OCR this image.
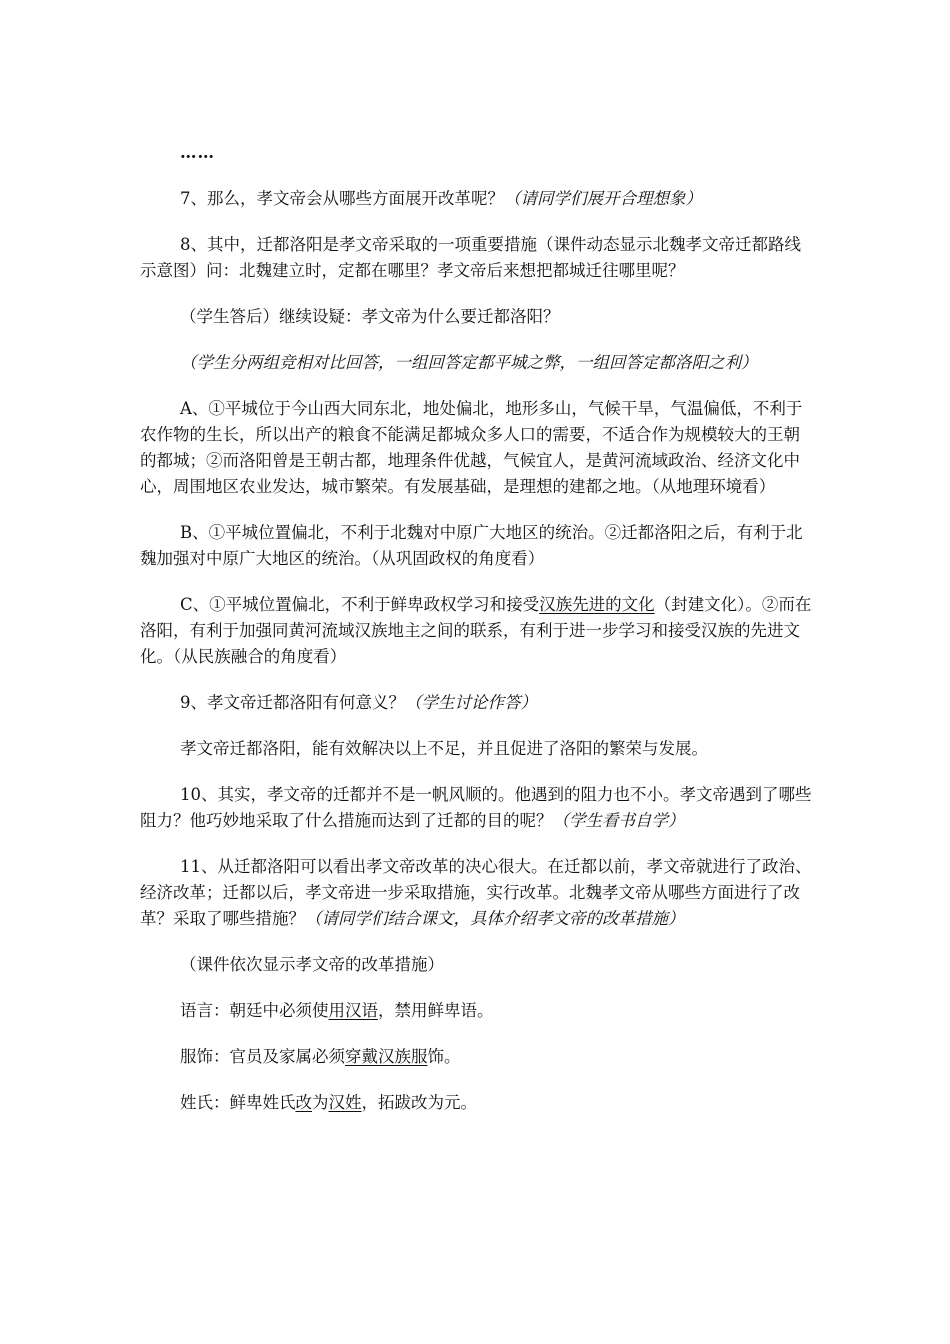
……

7、那么，孝文帝会从哪些方面展开改革呢？（请同学们展开合理想象）

8、其中，迁都洛阳是孝文帝采取的一项重要措施（课件动态显示北魏孝文帝迁都路线示意图）问：北魏建立时，定都在哪里？孝文帝后来想把都城迁往哪里呢？

（学生答后）继续设疑：孝文帝为什么要迁都洛阳？

（学生分两组竞相对比回答，一组回答定都平城之弊，一组回答定都洛阳之利）

A、①平城位于今山西大同东北，地处偏北，地形多山，气候干旱，气温偏低，不利于农作物的生长，所以出产的粮食不能满足都城众多人口的需要，不适合作为规模较大的王朝的都城；②而洛阳曾是王朝古都，地理条件优越，气候宜人，是黄河流域政治、经济文化中心，周围地区农业发达，城市繁荣。有发展基础，是理想的建都之地。（从地理环境看）

B、①平城位置偏北，不利于北魏对中原广大地区的统治。②迁都洛阳之后，有利于北魏加强对中原广大地区的统治。（从巩固政权的角度看）

C、①平城位置偏北，不利于鲜卑政权学习和接受汉族先进的文化（封建文化）。②而在洛阳，有利于加强同黄河流域汉族地主之间的联系，有利于进一步学习和接受汉族的先进文化。（从民族融合的角度看）

9、孝文帝迁都洛阳有何意义？（学生讨论作答）

孝文帝迁都洛阳，能有效解决以上不足，并且促进了洛阳的繁荣与发展。

10、其实，孝文帝的迁都并不是一帆风顺的。他遇到的阻力也不小。孝文帝遇到了哪些阻力？他巧妙地采取了什么措施而达到了迁都的目的呢？（学生看书自学）

11、从迁都洛阳可以看出孝文帝改革的决心很大。在迁都以前，孝文帝就进行了政治、经济改革；迁都以后，孝文帝进一步采取措施，实行改革。北魏孝文帝从哪些方面进行了改革？采取了哪些措施？（请同学们结合课文，具体介绍孝文帝的改革措施）

（课件依次显示孝文帝的改革措施）

语言：朝廷中必须使用汉语，禁用鲜卑语。

服饰：官员及家属必须穿戴汉族服饰。

姓氏：鲜卑姓氏改为汉姓，拓跋改为元。
